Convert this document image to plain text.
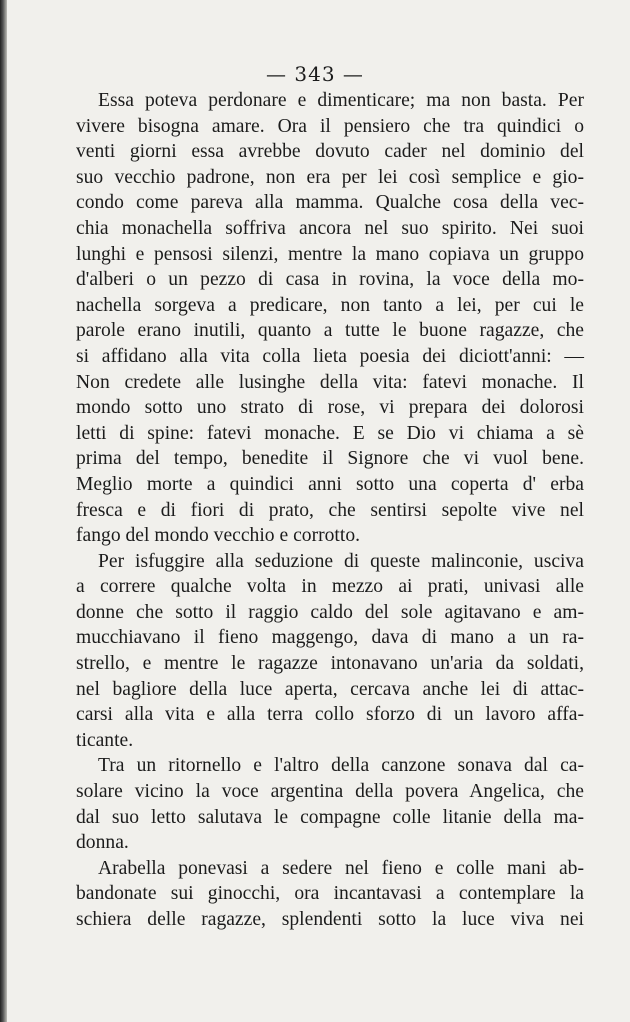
— 343 —
Essa poteva perdonare e dimenticare; ma non basta. Per
vivere bisogna amare. Ora il pensiero che tra quindici o
venti giorni essa avrebbe dovuto cader nel dominio del
suo vecchio padrone, non era per lei così semplice e gio-
condo come pareva alla mamma. Qualche cosa della vec-
chia monachella soffriva ancora nel suo spirito. Nei suoi
lunghi e pensosi silenzi, mentre la mano copiava un gruppo
d'alberi o un pezzo di casa in rovina, la voce della mo-
nachella sorgeva a predicare, non tanto a lei, per cui le
parole erano inutili, quanto a tutte le buone ragazze, che
si affidano alla vita colla lieta poesia dei diciott'anni: —
Non credete alle lusinghe della vita: fatevi monache. Il
mondo sotto uno strato di rose, vi prepara dei dolorosi
letti di spine: fatevi monache. E se Dio vi chiama a sè
prima del tempo, benedite il Signore che vi vuol bene.
Meglio morte a quindici anni sotto una coperta d' erba
fresca e di fiori di prato, che sentirsi sepolte vive nel
fango del mondo vecchio e corrotto.
Per isfuggire alla seduzione di queste malinconie, usciva
a correre qualche volta in mezzo ai prati, univasi alle
donne che sotto il raggio caldo del sole agitavano e am-
mucchiavano il fieno maggengo, dava di mano a un ra-
strello, e mentre le ragazze intonavano un'aria da soldati,
nel bagliore della luce aperta, cercava anche lei di attac-
carsi alla vita e alla terra collo sforzo di un lavoro affa-
ticante.
Tra un ritornello e l'altro della canzone sonava dal ca-
solare vicino la voce argentina della povera Angelica, che
dal suo letto salutava le compagne colle litanie della ma-
donna.
Arabella ponevasi a sedere nel fieno e colle mani ab-
bandonate sui ginocchi, ora incantavasi a contemplare la
schiera delle ragazze, splendenti sotto la luce viva nei
